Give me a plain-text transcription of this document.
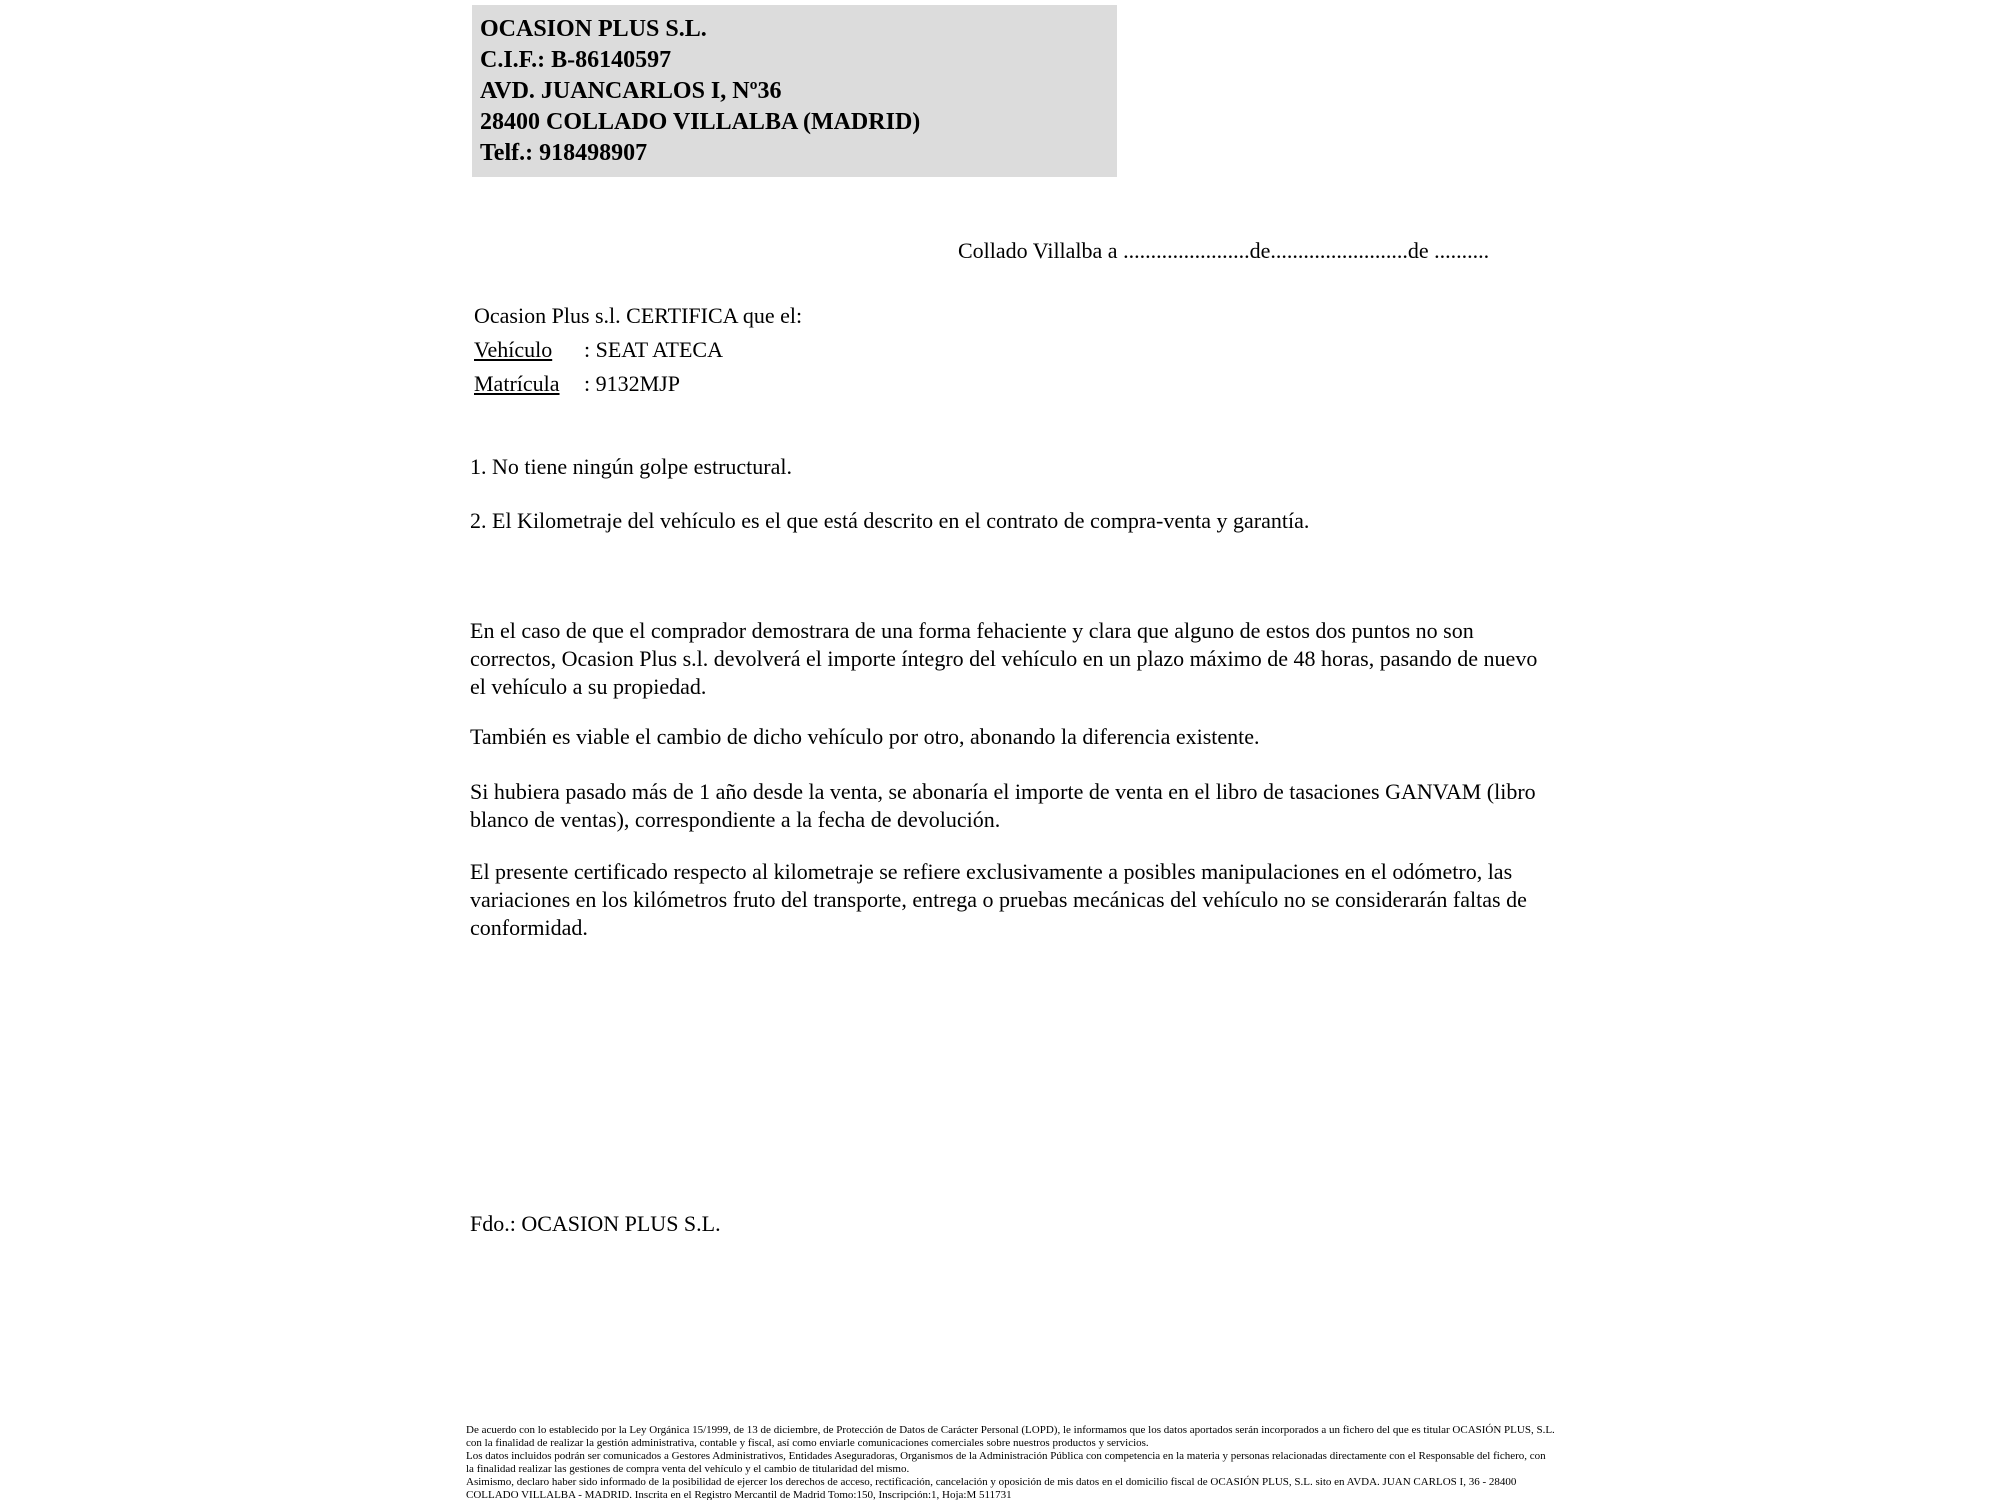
OCASION PLUS S.L.
C.I.F.: B-86140597
AVD. JUANCARLOS I, Nº36
28400 COLLADO VILLALBA (MADRID)
Telf.: 918498907
Collado Villalba a .......................de.........................de ..........
Ocasion Plus s.l. CERTIFICA que el:
Vehículo : SEAT ATECA
Matrícula : 9132MJP
1. No tiene ningún golpe estructural.
2. El Kilometraje del vehículo es el que está descrito en el contrato de compra-venta y garantía.
En el caso de que el comprador demostrara de una forma fehaciente y clara que alguno de estos dos puntos no son correctos, Ocasion Plus s.l. devolverá el importe íntegro del vehículo en un plazo máximo de 48 horas, pasando de nuevo el vehículo a su propiedad.
También es viable el cambio de dicho vehículo por otro, abonando la diferencia existente.
Si hubiera pasado más de 1 año desde la venta, se abonaría el importe de venta en el libro de tasaciones GANVAM (libro blanco de ventas), correspondiente a la fecha de devolución.
El presente certificado respecto al kilometraje se refiere exclusivamente a posibles manipulaciones en el odómetro, las variaciones en los kilómetros fruto del transporte, entrega o pruebas mecánicas del vehículo no se considerarán faltas de conformidad.
Fdo.: OCASION PLUS S.L.
De acuerdo con lo establecido por la Ley Orgánica 15/1999, de 13 de diciembre, de Protección de Datos de Carácter Personal (LOPD), le informamos que los datos aportados serán incorporados a un fichero del que es titular OCASIÓN PLUS, S.L. con la finalidad de realizar la gestión administrativa, contable y fiscal, así como enviarle comunicaciones comerciales sobre nuestros productos y servicios.
Los datos incluidos podrán ser comunicados a Gestores Administrativos, Entidades Aseguradoras, Organismos de la Administración Pública con competencia en la materia y personas relacionadas directamente con el Responsable del fichero, con la finalidad realizar las gestiones de compra venta del vehículo y el cambio de titularidad del mismo.
Asimismo, declaro haber sido informado de la posibilidad de ejercer los derechos de acceso, rectificación, cancelación y oposición de mis datos en el domicilio fiscal de OCASIÓN PLUS, S.L. sito en AVDA. JUAN CARLOS I, 36 - 28400 COLLADO VILLALBA - MADRID. Inscrita en el Registro Mercantil de Madrid Tomo:150, Inscripción:1, Hoja:M 511731
